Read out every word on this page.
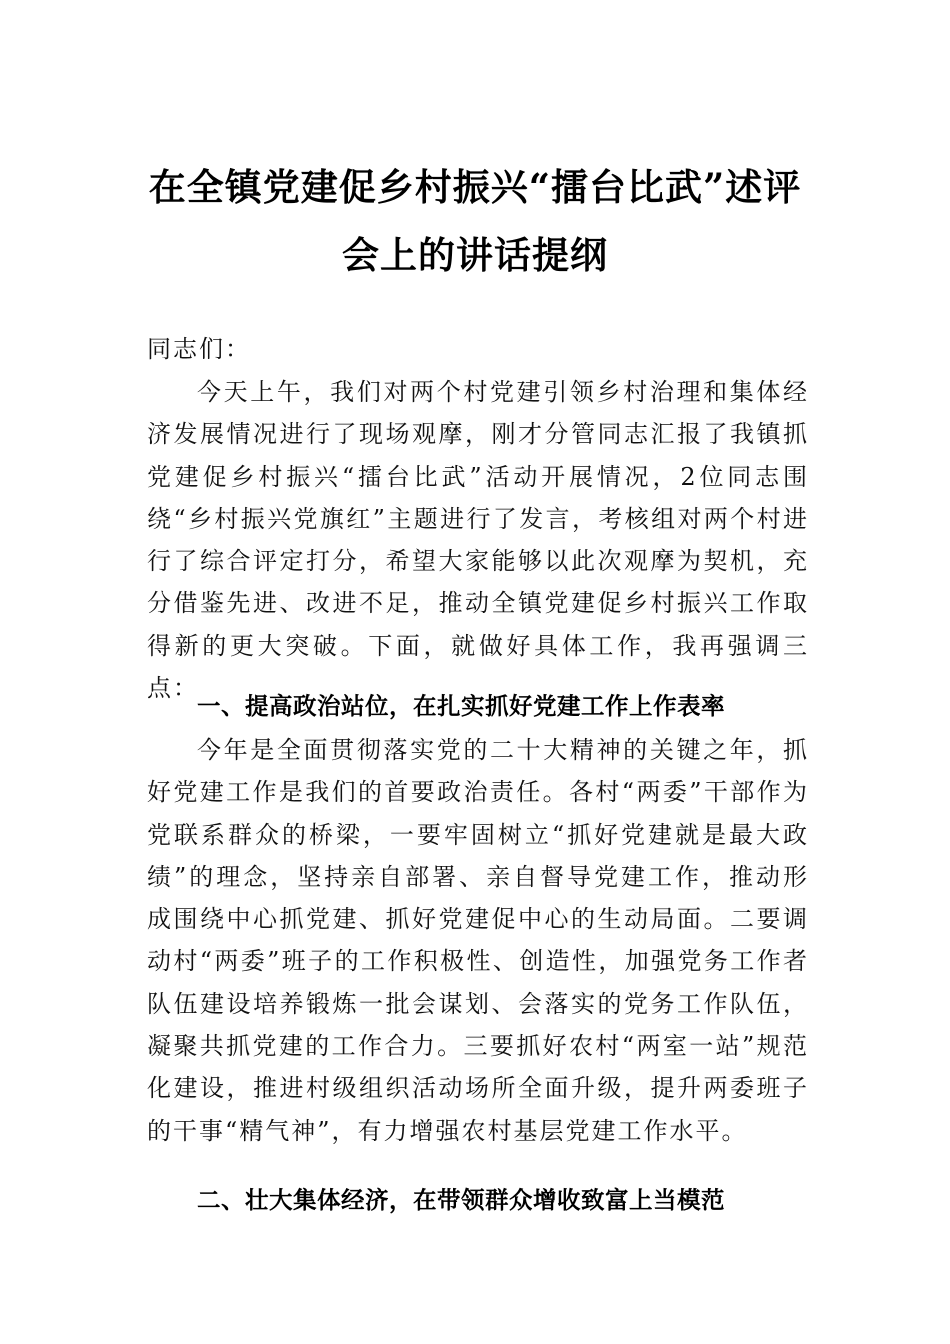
在全镇党建促乡村振兴“擂台比武”述评
会上的讲话提纲

同志们：

今天上午，我们对两个村党建引领乡村治理和集体经济发展情况进行了现场观摩，刚才分管同志汇报了我镇抓党建促乡村振兴“擂台比武”活动开展情况，2位同志围绕“乡村振兴党旗红”主题进行了发言，考核组对两个村进行了综合评定打分，希望大家能够以此次观摩为契机，充分借鉴先进、改进不足，推动全镇党建促乡村振兴工作取得新的更大突破。下面，就做好具体工作，我再强调三点：

一、提高政治站位，在扎实抓好党建工作上作表率

今年是全面贯彻落实党的二十大精神的关键之年，抓好党建工作是我们的首要政治责任。各村“两委”干部作为党联系群众的桥梁，一要牢固树立“抓好党建就是最大政绩”的理念，坚持亲自部署、亲自督导党建工作，推动形成围绕中心抓党建、抓好党建促中心的生动局面。二要调动村“两委”班子的工作积极性、创造性，加强党务工作者队伍建设培养锻炼一批会谋划、会落实的党务工作队伍，凝聚共抓党建的工作合力。三要抓好农村“两室一站”规范化建设，推进村级组织活动场所全面升级，提升两委班子的干事“精气神”，有力增强农村基层党建工作水平。

二、壮大集体经济，在带领群众增收致富上当模范
